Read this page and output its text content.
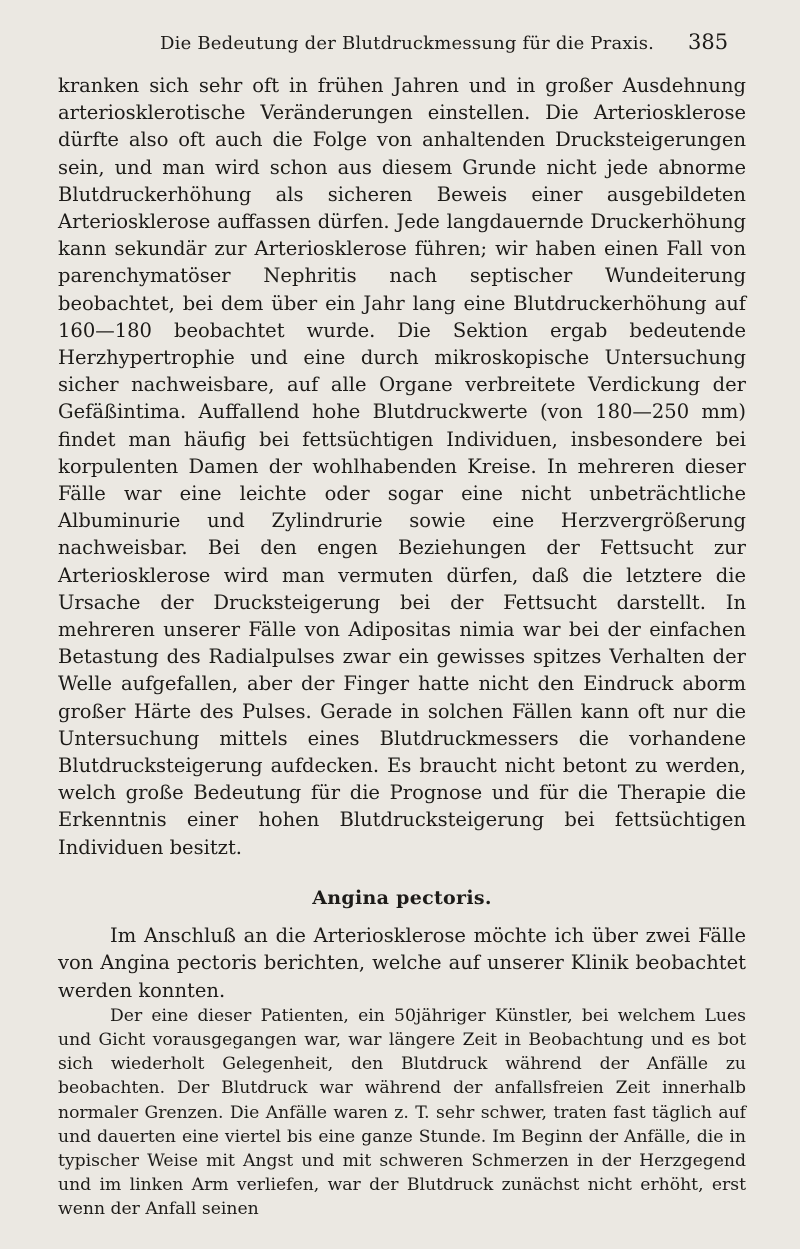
Die Bedeutung der Blutdruckmessung für die Praxis. 385

kranken sich sehr oft in frühen Jahren und in großer Ausdehnung arteriosklerotische Veränderungen einstellen. Die Arteriosklerose dürfte also oft auch die Folge von anhaltenden Drucksteigerungen sein, und man wird schon aus diesem Grunde nicht jede abnorme Blutdruckerhöhung als sicheren Beweis einer ausgebildeten Arteriosklerose auffassen dürfen. Jede langdauernde Druckerhöhung kann sekundär zur Arteriosklerose führen; wir haben einen Fall von parenchymatöser Nephritis nach septischer Wundeiterung beobachtet, bei dem über ein Jahr lang eine Blutdruckerhöhung auf 160—180 beobachtet wurde. Die Sektion ergab bedeutende Herzhypertrophie und eine durch mikroskopische Untersuchung sicher nachweisbare, auf alle Organe verbreitete Verdickung der Gefäßintima. Auffallend hohe Blutdruckwerte (von 180—250 mm) findet man häufig bei fettsüchtigen Individuen, insbesondere bei korpulenten Damen der wohlhabenden Kreise. In mehreren dieser Fälle war eine leichte oder sogar eine nicht unbeträchtliche Albuminurie und Zylindrurie sowie eine Herzvergrößerung nachweisbar. Bei den engen Beziehungen der Fettsucht zur Arteriosklerose wird man vermuten dürfen, daß die letztere die Ursache der Drucksteigerung bei der Fettsucht darstellt. In mehreren unserer Fälle von Adipositas nimia war bei der einfachen Betastung des Radialpulses zwar ein gewisses spitzes Verhalten der Welle aufgefallen, aber der Finger hatte nicht den Eindruck aborm großer Härte des Pulses. Gerade in solchen Fällen kann oft nur die Untersuchung mittels eines Blutdruckmessers die vorhandene Blutdrucksteigerung aufdecken. Es braucht nicht betont zu werden, welch große Bedeutung für die Prognose und für die Therapie die Erkenntnis einer hohen Blutdrucksteigerung bei fettsüchtigen Individuen besitzt.

Angina pectoris.

Im Anschluß an die Arteriosklerose möchte ich über zwei Fälle von Angina pectoris berichten, welche auf unserer Klinik beobachtet werden konnten.

Der eine dieser Patienten, ein 50jähriger Künstler, bei welchem Lues und Gicht vorausgegangen war, war längere Zeit in Beobachtung und es bot sich wiederholt Gelegenheit, den Blutdruck während der Anfälle zu beobachten. Der Blutdruck war während der anfallsfreien Zeit innerhalb normaler Grenzen. Die Anfälle waren z. T. sehr schwer, traten fast täglich auf und dauerten eine viertel bis eine ganze Stunde. Im Beginn der Anfälle, die in typischer Weise mit Angst und mit schweren Schmerzen in der Herzgegend und im linken Arm verliefen, war der Blutdruck zunächst nicht erhöht, erst wenn der Anfall seinen
